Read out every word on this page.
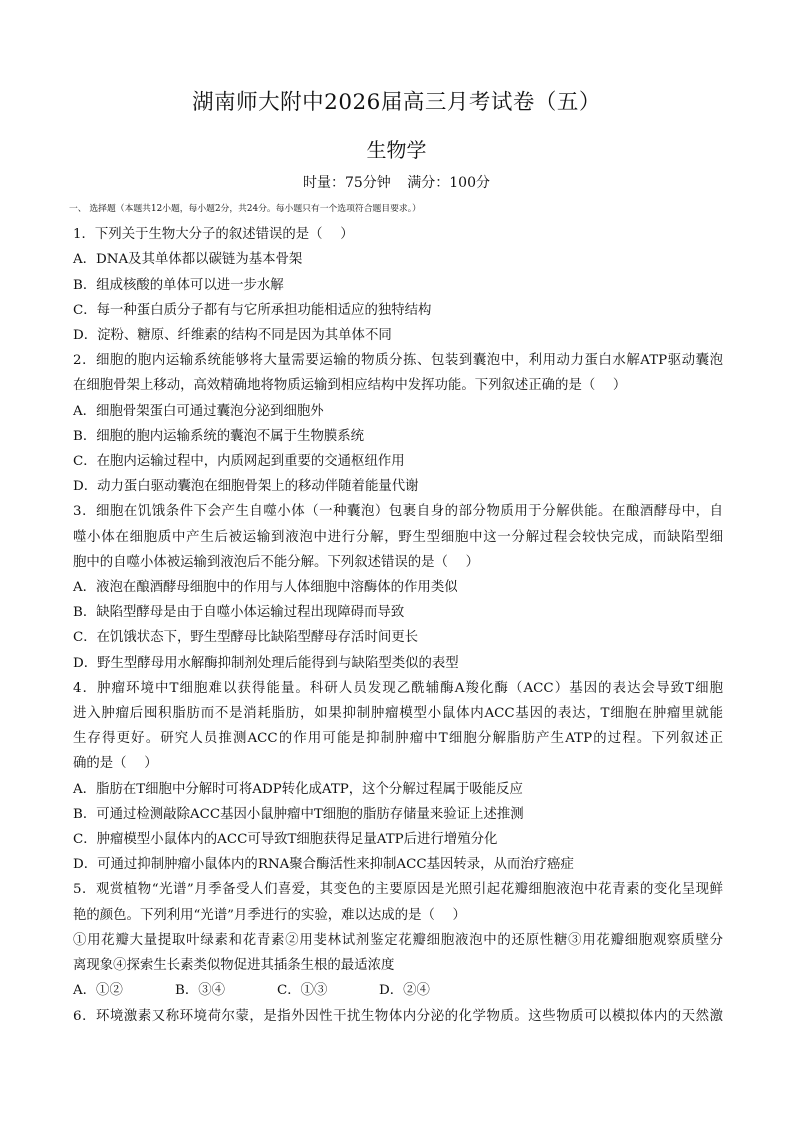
湖南师大附中2026届高三月考试卷（五）
生物学
时量：75分钟 满分：100分

一、 选择题（本题共12小题，每小题2分，共24分。每小题只有一个选项符合题目要求。）

1．下列关于生物大分子的叙述错误的是（　 ）

A．DNA及其单体都以碳链为基本骨架

B．组成核酸的单体可以进一步水解

C．每一种蛋白质分子都有与它所承担功能相适应的独特结构

D．淀粉、糖原、纤维素的结构不同是因为其单体不同

2．细胞的胞内运输系统能够将大量需要运输的物质分拣、包装到囊泡中，利用动力蛋白水解ATP驱动囊泡

在细胞骨架上移动，高效精确地将物质运输到相应结构中发挥功能。下列叙述正确的是（　 ）

A．细胞骨架蛋白可通过囊泡分泌到细胞外

B．细胞的胞内运输系统的囊泡不属于生物膜系统

C．在胞内运输过程中，内质网起到重要的交通枢纽作用

D．动力蛋白驱动囊泡在细胞骨架上的移动伴随着能量代谢

3．细胞在饥饿条件下会产生自噬小体（一种囊泡）包裹自身的部分物质用于分解供能。在酿酒酵母中，自

噬小体在细胞质中产生后被运输到液泡中进行分解，野生型细胞中这一分解过程会较快完成，而缺陷型细

胞中的自噬小体被运输到液泡后不能分解。下列叙述错误的是（　 ）

A．液泡在酿酒酵母细胞中的作用与人体细胞中溶酶体的作用类似

B．缺陷型酵母是由于自噬小体运输过程出现障碍而导致

C．在饥饿状态下，野生型酵母比缺陷型酵母存活时间更长

D．野生型酵母用水解酶抑制剂处理后能得到与缺陷型类似的表型

4．肿瘤环境中T细胞难以获得能量。科研人员发现乙酰辅酶A羧化酶（ACC）基因的表达会导致T细胞

进入肿瘤后囤积脂肪而不是消耗脂肪，如果抑制肿瘤模型小鼠体内ACC基因的表达，T细胞在肿瘤里就能

生存得更好。研究人员推测ACC的作用可能是抑制肿瘤中T细胞分解脂肪产生ATP的过程。下列叙述正

确的是（　 ）

A．脂肪在T细胞中分解时可将ADP转化成ATP，这个分解过程属于吸能反应

B．可通过检测敲除ACC基因小鼠肿瘤中T细胞的脂肪存储量来验证上述推测

C．肿瘤模型小鼠体内的ACC可导致T细胞获得足量ATP后进行增殖分化

D．可通过抑制肿瘤小鼠体内的RNA聚合酶活性来抑制ACC基因转录，从而治疗癌症

5．观赏植物“光谱”月季备受人们喜爱，其变色的主要原因是光照引起花瓣细胞液泡中花青素的变化呈现鲜

艳的颜色。下列利用“光谱”月季进行的实验，难以达成的是（　 ）

①用花瓣大量提取叶绿素和花青素②用斐林试剂鉴定花瓣细胞液泡中的还原性糖③用花瓣细胞观察质壁分

离现象④探索生长素类似物促进其插条生根的最适浓度

A．①②	B．③④	C．①③	D．②④

6．环境激素又称环境荷尔蒙，是指外因性干扰生物体内分泌的化学物质。这些物质可以模拟体内的天然激
